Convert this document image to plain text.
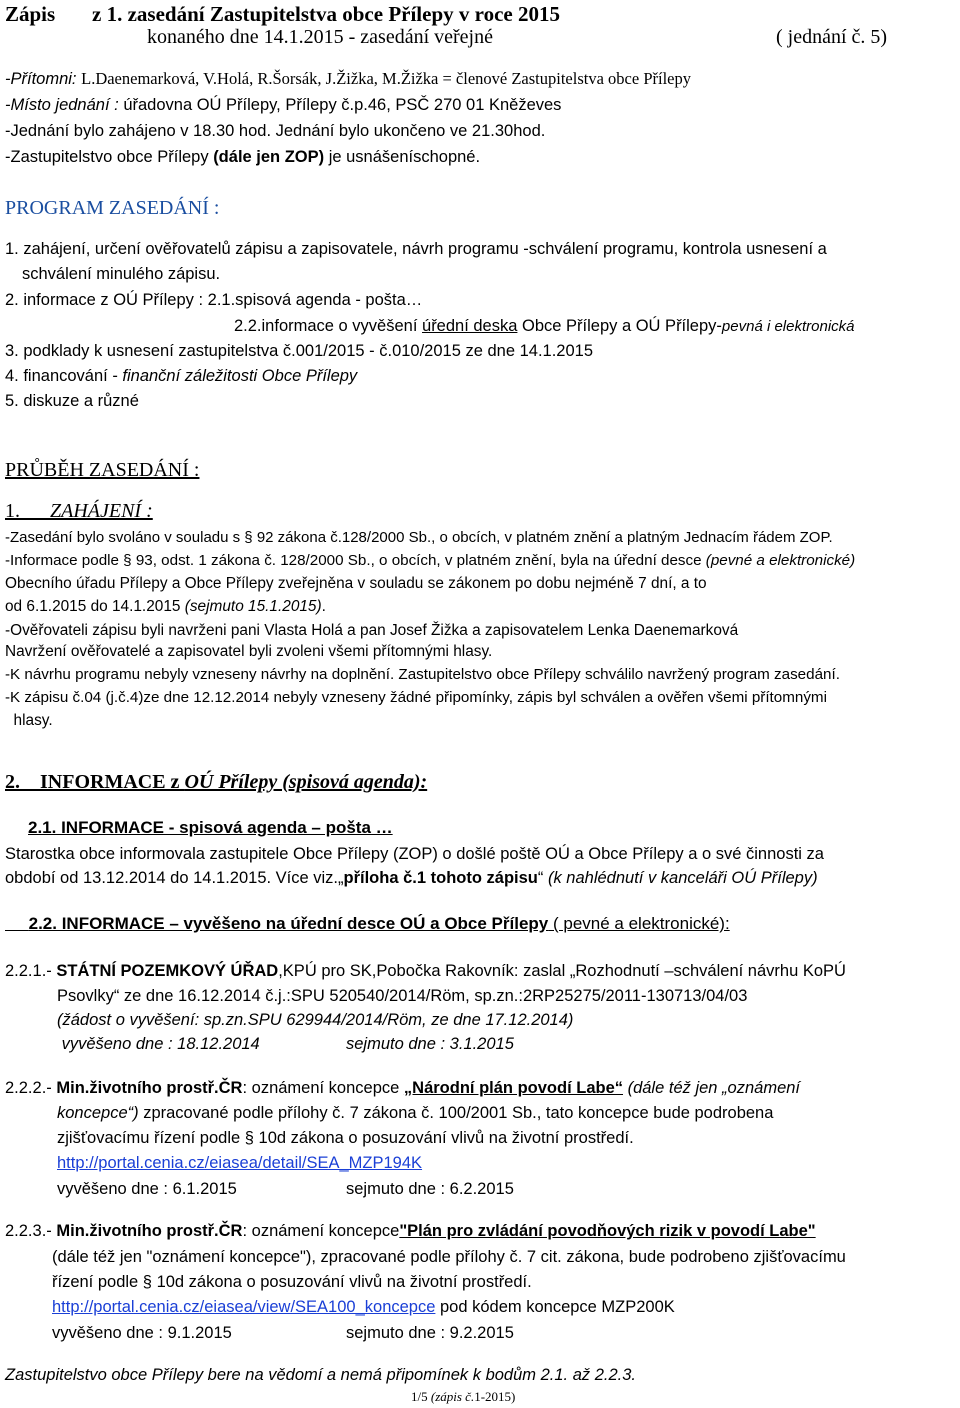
Zápis z 1. zasedání Zastupitelstva obce Přílepy v roce 2015
konaného dne 14.1.2015 - zasedání veřejné	( jednání č. 5)
-Přítomni: L.Daenemarková, V.Holá, R.Šorsák, J.Žižka, M.Žižka = členové Zastupitelstva obce Přílepy
-Místo jednání : úřadovna OÚ Přílepy, Přílepy č.p.46, PSČ 270 01 Kněževes
-Jednání bylo zahájeno v 18.30 hod. Jednání bylo ukončeno ve 21.30hod.
-Zastupitelstvo obce Přílepy (dále jen ZOP) je usnášeníschopné.
PROGRAM ZASEDÁNÍ :
1. zahájení, určení ověřovatelů zápisu a zapisovatele, návrh programu -schválení programu, kontrola usnesení a
schválení minulého zápisu.
2. informace z OÚ Přílepy : 2.1.spisová agenda - pošta…
2.2.informace o vyvěšení úřední deska Obce Přílepy a OÚ Přílepy-pevná i elektronická
3. podklady k usnesení zastupitelstva č.001/2015 - č.010/2015 ze dne 14.1.2015
4. financování - finanční záležitosti Obce Přílepy
5. diskuze a různé
PRŮBĚH ZASEDÁNÍ :
1. ZAHÁJENÍ :
-Zasedání bylo svoláno v souladu s § 92 zákona č.128/2000 Sb., o obcích, v platném znění a platným Jednacím řádem ZOP.
-Informace podle § 93, odst. 1 zákona č. 128/2000 Sb., o obcích, v platném znění, byla na úřední desce (pevné a elektronické)
Obecního úřadu Přílepy a Obce Přílepy zveřejněna v souladu se zákonem po dobu nejméně 7 dní, a to
od 6.1.2015 do 14.1.2015 (sejmuto 15.1.2015).
-Ověřovateli zápisu byli navrženi pani Vlasta Holá a pan Josef Žižka a zapisovatelem Lenka Daenemarková
Navržení ověřovatelé a zapisovatel byli zvoleni všemi přítomnými hlasy.
-K návrhu programu nebyly vzneseny návrhy na doplnění. Zastupitelstvo obce Přílepy schválilo navržený program zasedání.
-K zápisu č.04 (j.č.4)ze dne 12.12.2014 nebyly vzneseny žádné připomínky, zápis byl schválen a ověřen všemi přítomnými
hlasy.
2. INFORMACE z OÚ Přílepy (spisová agenda):
2.1. INFORMACE - spisová agenda – pošta …
Starostka obce informovala zastupitele Obce Přílepy (ZOP) o došlé poště OÚ a Obce Přílepy a o své činnosti za
období od 13.12.2014 do 14.1.2015. Více viz.„příloha č.1 tohoto zápisu“ (k nahlédnutí v kanceláři OÚ Přílepy)
2.2. INFORMACE – vyvěšeno na úřední desce OÚ a Obce Přílepy ( pevné a elektronické):
2.2.1.- STÁTNÍ POZEMKOVÝ ÚŘAD,KPÚ pro SK,Pobočka Rakovník: zaslal „Rozhodnutí –schválení návrhu KoPÚ
Psovlky“ ze dne 16.12.2014 č.j.:SPU 520540/2014/Röm, sp.zn.:2RP25275/2011-130713/04/03
(žádost o vyvěšení: sp.zn.SPU 629944/2014/Röm, ze dne 17.12.2014)
vyvěšeno dne : 18.12.2014	sejmuto dne : 3.1.2015
2.2.2.- Min.životního prostř.ČR: oznámení koncepce „Národní plán povodí Labe“ (dále též jen „oznámení
koncepce“) zpracované podle přílohy č. 7 zákona č. 100/2001 Sb., tato koncepce bude podrobena
zjišťovacímu řízení podle § 10d zákona o posuzování vlivů na životní prostředí.
http://portal.cenia.cz/eiasea/detail/SEA_MZP194K
vyvěšeno dne : 6.1.2015	sejmuto dne : 6.2.2015
2.2.3.- Min.životního prostř.ČR: oznámení koncepce"Plán pro zvládání povodňových rizik v povodí Labe"
(dále též jen "oznámení koncepce"), zpracované podle přílohy č. 7 cit. zákona, bude podrobeno zjišťovacímu
řízení podle § 10d zákona o posuzování vlivů na životní prostředí.
http://portal.cenia.cz/eiasea/view/SEA100_koncepce pod kódem koncepce MZP200K
vyvěšeno dne : 9.1.2015	sejmuto dne : 9.2.2015
Zastupitelstvo obce Přílepy bere na vědomí a nemá připomínek k bodům 2.1. až 2.2.3.
1/5 (zápis č.1-2015)
